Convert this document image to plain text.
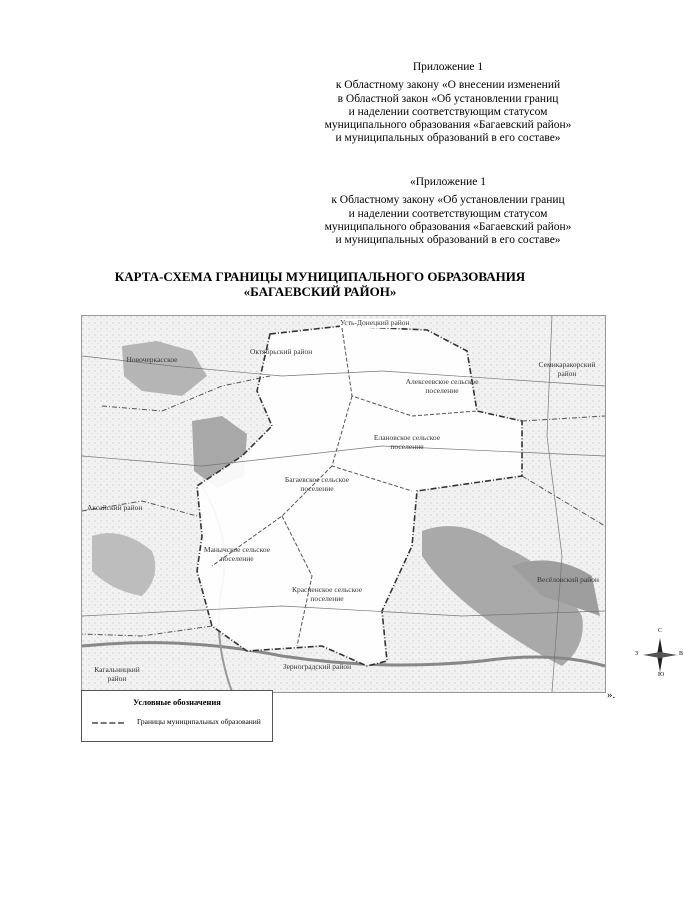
Приложение 1
к Областному закону «О внесении изменений
в Областной закон «Об установлении границ
и наделении соответствующим статусом
муниципального образования «Багаевский район»
и муниципальных образований в его составе»
«Приложение 1
к Областному закону «Об установлении границ
и наделении соответствующим статусом
муниципального образования «Багаевский район»
и муниципальных образований в его составе»
КАРТА-СХЕМА ГРАНИЦЫ МУНИЦИПАЛЬНОГО ОБРАЗОВАНИЯ
«БАГАЕВСКИЙ РАЙОН»
С
Ю
В
З
Усть-Донецкий район
Новочеркасское
Октябрьский район
Семикаракорский район
Аксайский район
Кагальницкий район
Зерноградский район
Весёловский район
Алексеевское сельское поселение
Елановское сельское поселение
Багаевское сельское поселение
Манычское сельское поселение
Красненское сельское поселение
Условные обозначения
Границы муниципальных образований
».
